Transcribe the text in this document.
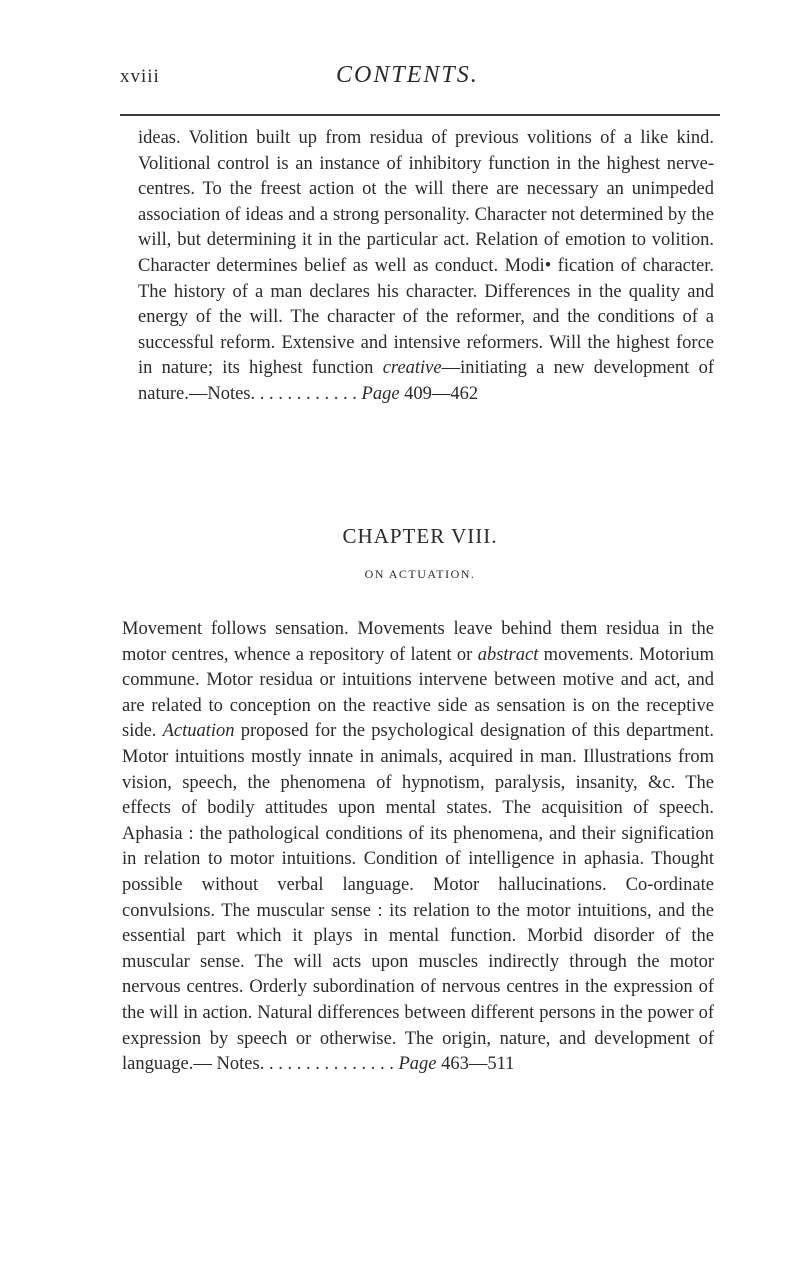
xviii	CONTENTS.
ideas. Volition built up from residua of previous volitions of a like kind. Volitional control is an instance of inhibitory function in the highest nerve-centres. To the freest action ot the will there are necessary an unimpeded association of ideas and a strong personality. Character not determined by the will, but determining it in the particular act. Relation of emotion to volition. Character determines belief as well as conduct. Modi• fication of character. The history of a man declares his character. Differences in the quality and energy of the will. The character of the reformer, and the conditions of a successful reform. Extensive and intensive reformers. Will the highest force in nature; its highest function creative—initiating a new development of nature.—Notes. . . . . . . . . . . . Page 409—462
CHAPTER VIII.
ON ACTUATION.
Movement follows sensation. Movements leave behind them residua in the motor centres, whence a repository of latent or abstract movements. Motorium commune. Motor residua or intuitions intervene between motive and act, and are related to conception on the reactive side as sensation is on the receptive side. Actuation proposed for the psychological designation of this department. Motor intuitions mostly innate in animals, acquired in man. Illustrations from vision, speech, the phenomena of hypnotism, paralysis, insanity, &c. The effects of bodily attitudes upon mental states. The acquisition of speech. Aphasia : the pathological conditions of its phenomena, and their signification in relation to motor intuitions. Condition of intelligence in aphasia. Thought possible without verbal language. Motor hallucinations. Co-ordinate convulsions. The muscular sense : its relation to the motor intuitions, and the essential part which it plays in mental function. Morbid disorder of the muscular sense. The will acts upon muscles indirectly through the motor nervous centres. Orderly subordination of nervous centres in the expression of the will in action. Natural differences between different persons in the power of expression by speech or otherwise. The origin, nature, and development of language.— Notes. . . . . . . . . . . . . . . Page 463—511
